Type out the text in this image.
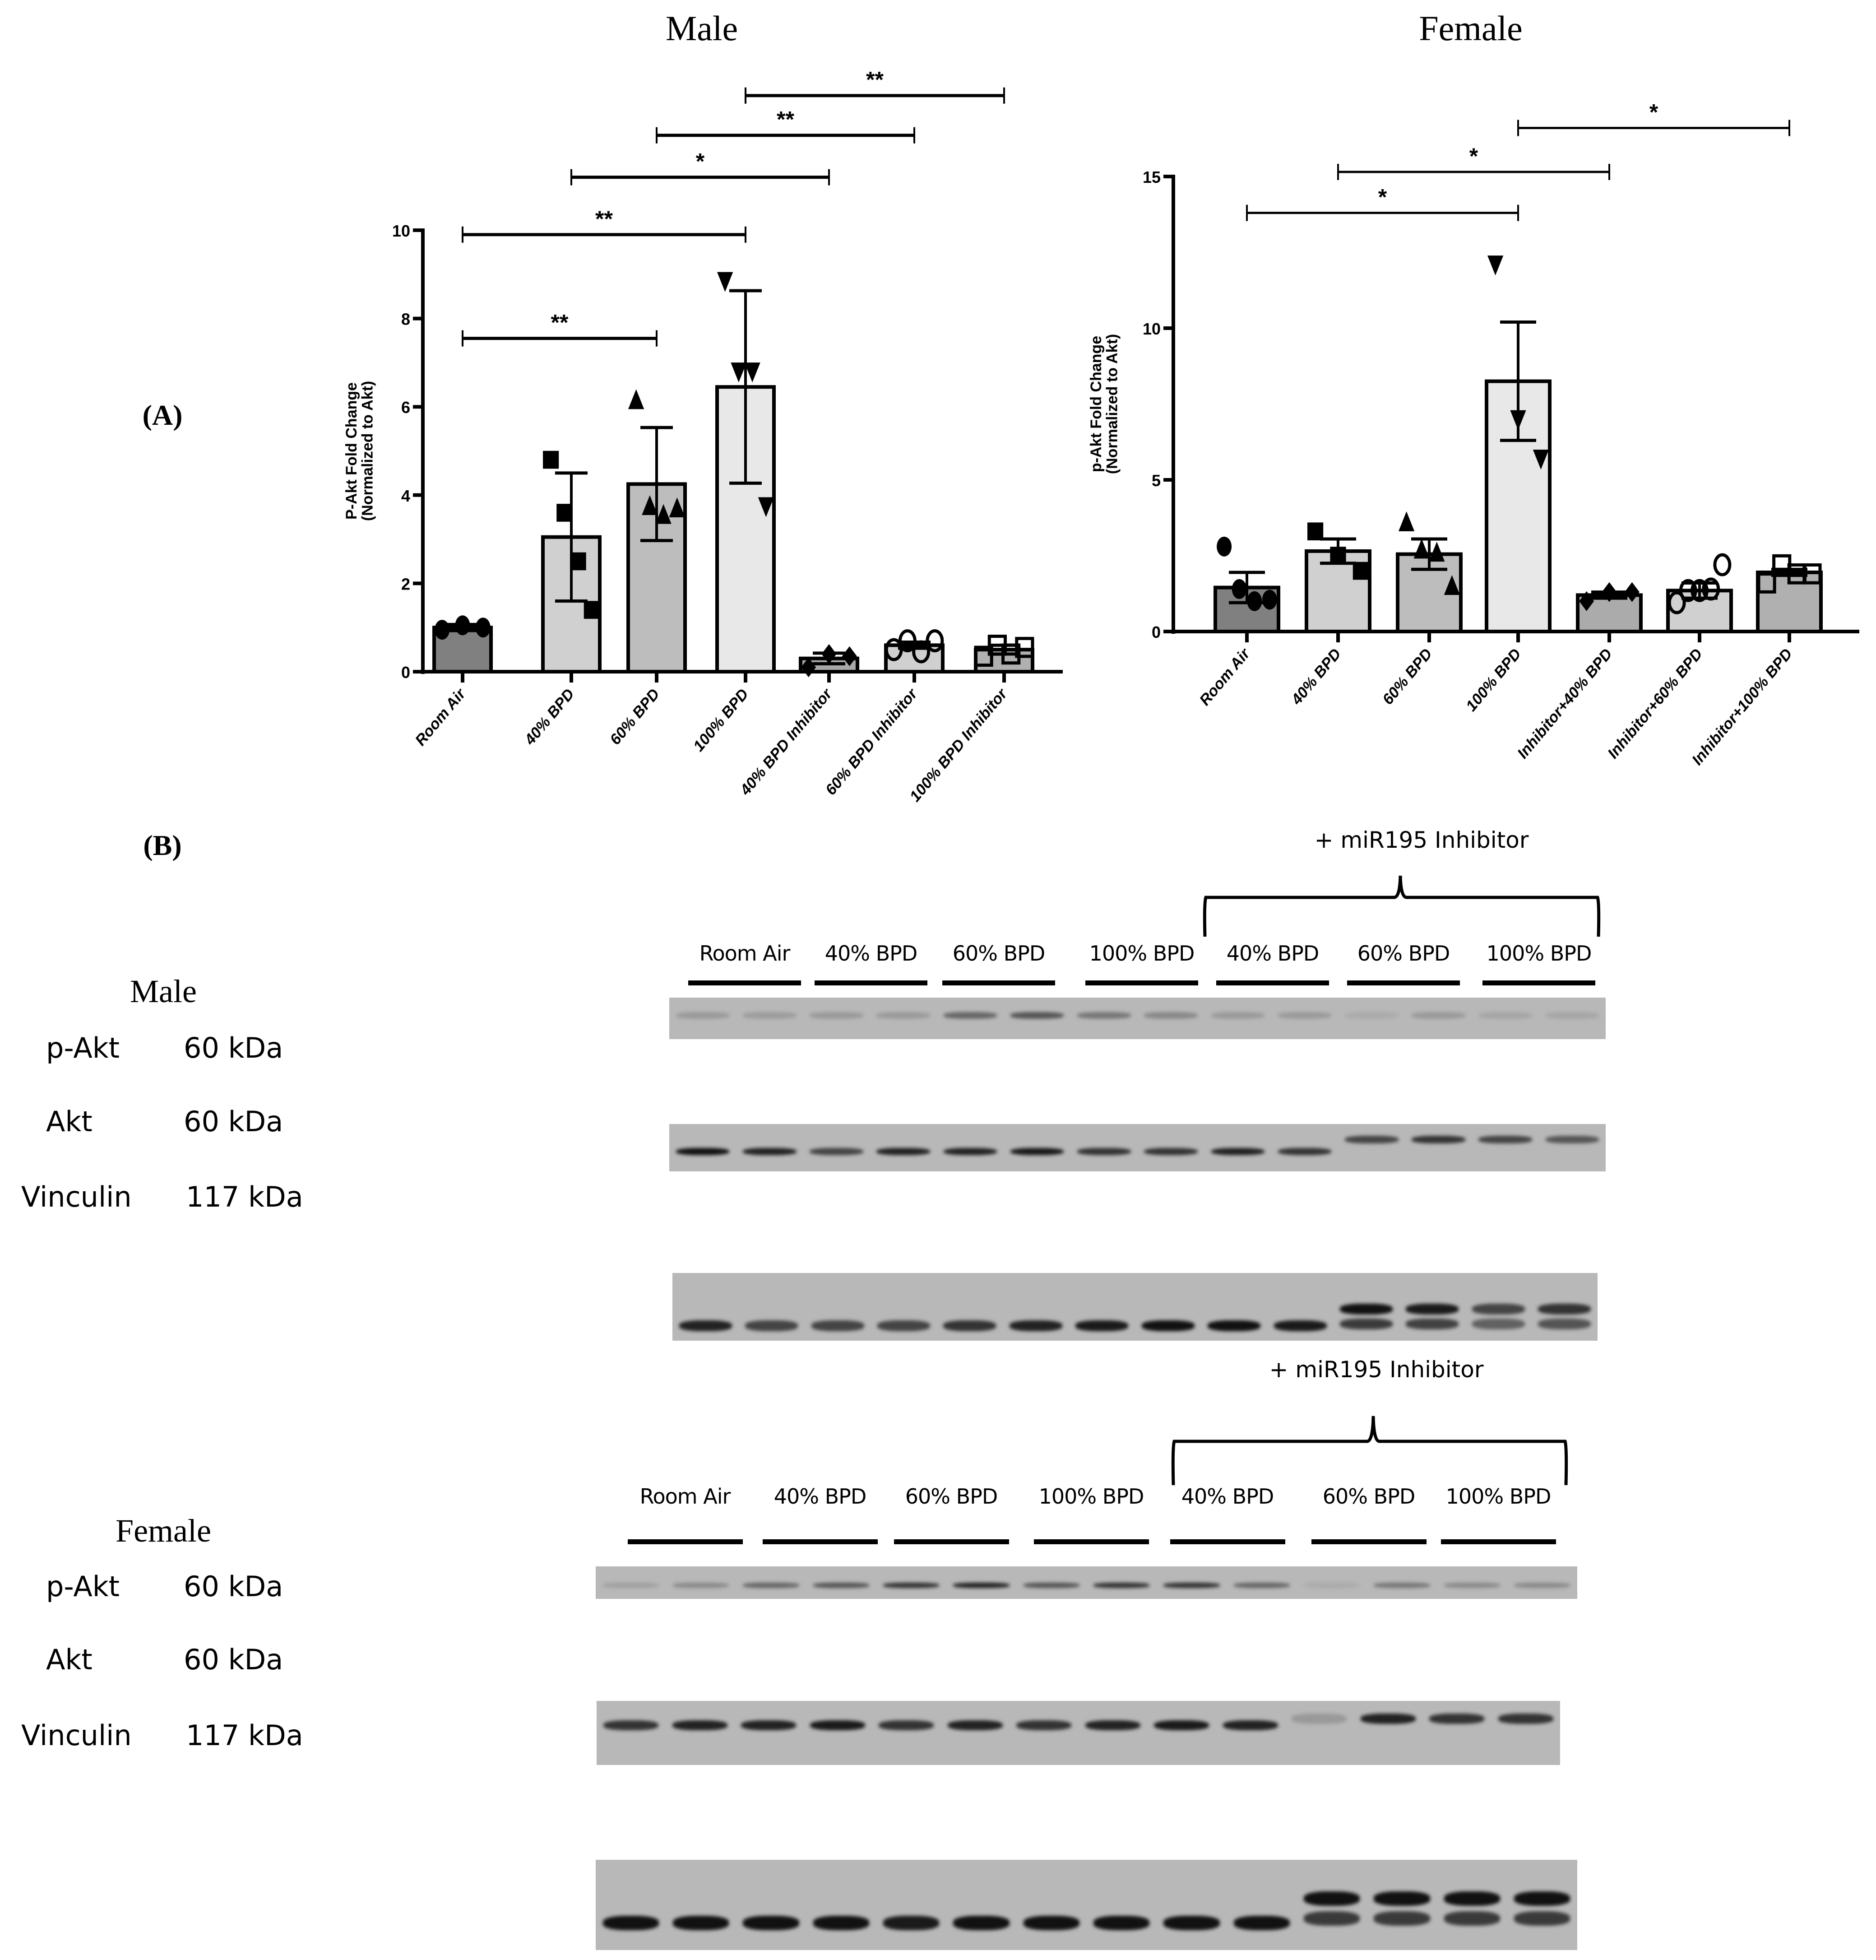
(A)
(B)
Male	Female
0
2
4
6
8
10
P-Akt Fold Change(Normalized to Akt)
Room Air	40% BPD 60% BPD 100% BPD
40% BPD Inhibitor
60% BPD Inhibitor
100% BPD Inhibitor
**
**
*
**
**
0
5
10
15
p-Akt Fold Change(Normalized to Akt)
Room Air 40% BPD 60% BPD 100% BPD
Inhibitor+40% BPD
Inhibitor+60% BPD
Inhibitor+100% BPD
*
*
*
Male
p-Akt 60 kDa
Akt	60 kDa
Vinculin 117 kDa
+ miR195 Inhibitor
Room Air 40% BPD 60% BPD 100% BPD 40% BPD 60% BPD 100% BPD
Female
p-Akt 60 kDa
Akt	60 kDa
Vinculin 117 kDa
+ miR195 Inhibitor
Room Air 40% BPD 60% BPD 100% BPD 40% BPD 60% BPD 100% BPD
